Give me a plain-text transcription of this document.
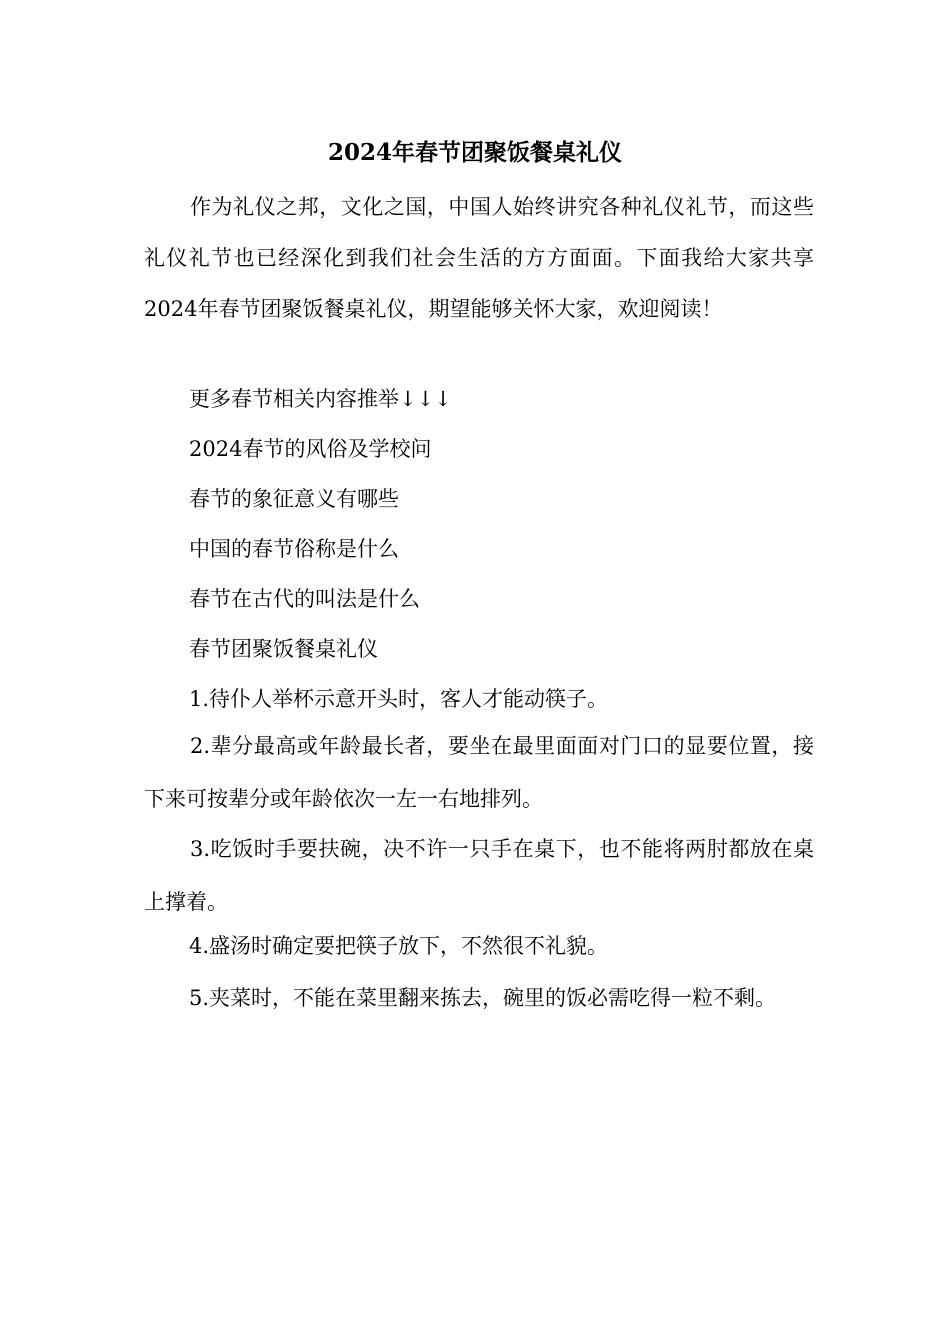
2024年春节团聚饭餐桌礼仪

作为礼仪之邦，文化之国，中国人始终讲究各种礼仪礼节，而这些礼仪礼节也已经深化到我们社会生活的方方面面。下面我给大家共享2024年春节团聚饭餐桌礼仪，期望能够关怀大家，欢迎阅读！

更多春节相关内容推举↓↓↓

2024春节的风俗及学校问

春节的象征意义有哪些

中国的春节俗称是什么

春节在古代的叫法是什么

春节团聚饭餐桌礼仪

1.待仆人举杯示意开头时，客人才能动筷子。

2.辈分最高或年龄最长者，要坐在最里面面对门口的显要位置，接下来可按辈分或年龄依次一左一右地排列。

3.吃饭时手要扶碗，决不许一只手在桌下，也不能将两肘都放在桌上撑着。

4.盛汤时确定要把筷子放下，不然很不礼貌。

5.夹菜时，不能在菜里翻来拣去，碗里的饭必需吃得一粒不剩。
